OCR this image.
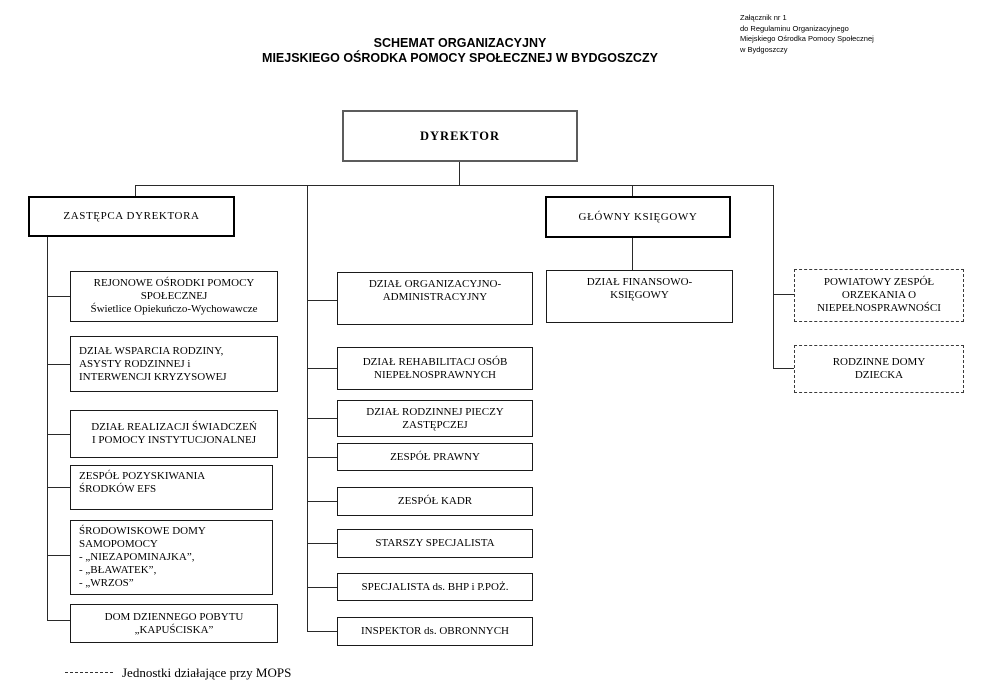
SCHEMAT ORGANIZACYJNY
MIEJSKIEGO OŚRODKA POMOCY SPOŁECZNEJ W BYDGOSZCZY
Załącznik nr 1
do Regulaminu Organizacyjnego
Miejskiego Ośrodka Pomocy Społecznej
w Bydgoszczy
DYREKTOR
ZASTĘPCA DYREKTORA	GŁÓWNY KSIĘGOWY
REJONOWE OŚRODKI POMOCY
SPOŁECZNEJ
Świetlice Opiekuńczo-Wychowawcze
DZIAŁ WSPARCIA RODZINY,
ASYSTY RODZINNEJ i
INTERWENCJI KRYZYSOWEJ
DZIAŁ REALIZACJI ŚWIADCZEŃ
I POMOCY INSTYTUCJONALNEJ
ZESPÓŁ POZYSKIWANIA
ŚRODKÓW EFS
ŚRODOWISKOWE DOMY
SAMOPOMOCY
- „NIEZAPOMINAJKA”,
- „BŁAWATEK”,
- „WRZOS”
DOM DZIENNEGO POBYTU
„KAPUŚCISKA”
DZIAŁ ORGANIZACYJNO-
ADMINISTRACYJNY
DZIAŁ REHABILITACJ OSÓB
NIEPEŁNOSPRAWNYCH
DZIAŁ RODZINNEJ PIECZY
ZASTĘPCZEJ
ZESPÓŁ PRAWNY
ZESPÓŁ KADR
STARSZY SPECJALISTA
SPECJALISTA ds. BHP i P.POŻ.
INSPEKTOR ds. OBRONNYCH
DZIAŁ FINANSOWO-
KSIĘGOWY
POWIATOWY ZESPÓŁ
ORZEKANIA O
NIEPEŁNOSPRAWNOŚCI
RODZINNE DOMY
DZIECKA
Jednostki działające przy MOPS
